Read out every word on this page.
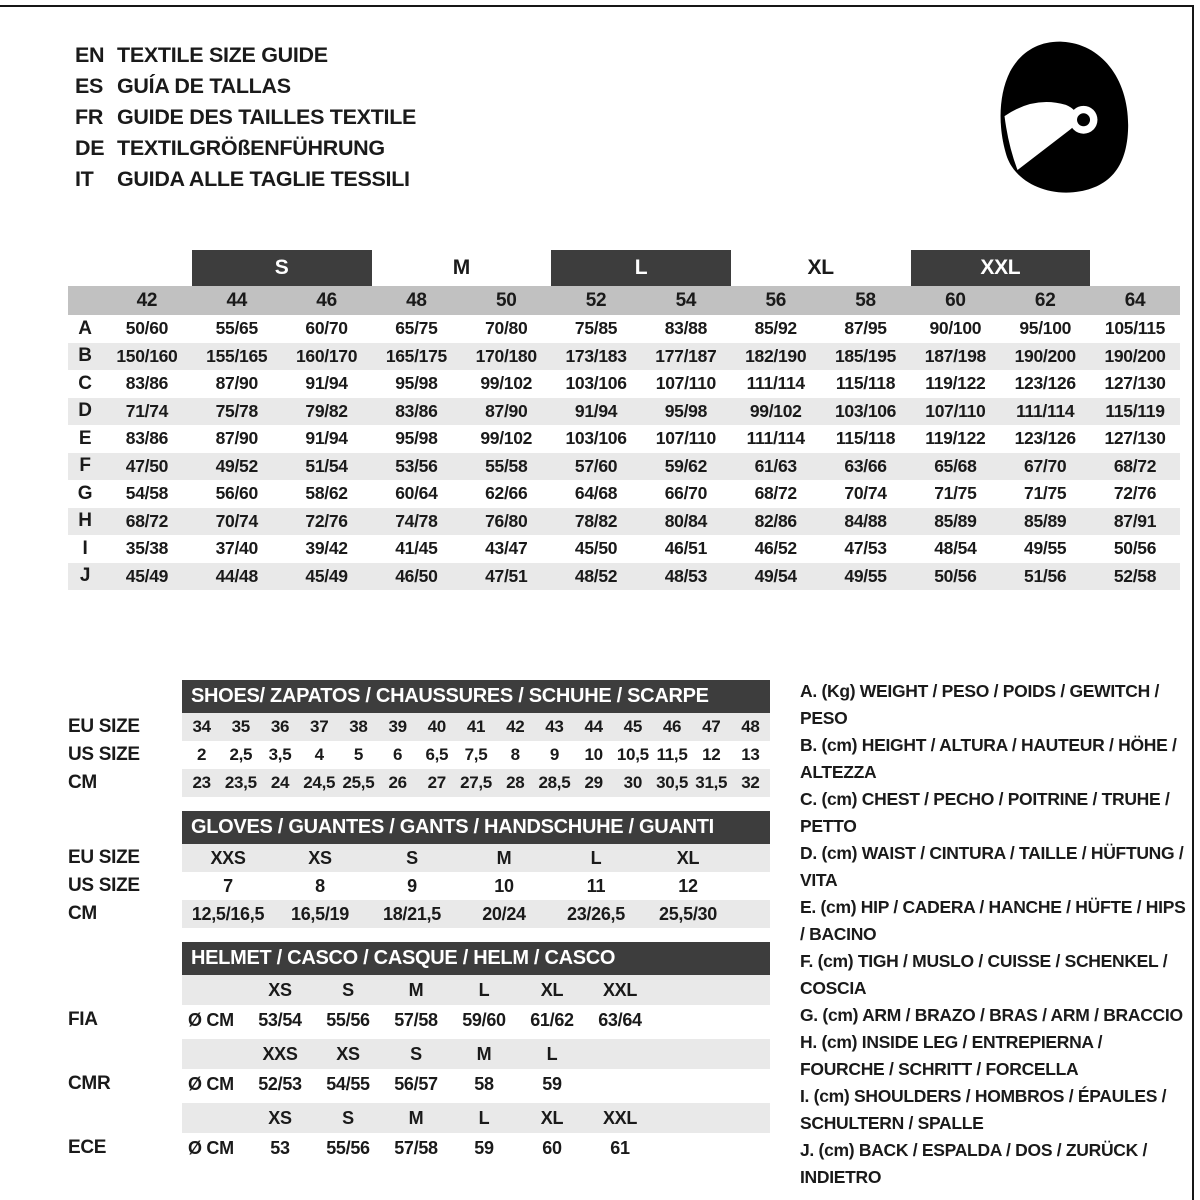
EN TEXTILE SIZE GUIDE
ES GUÍA DE TALLAS
FR GUIDE DES TAILLES TEXTILE
DE TEXTILGRÖßENFÜHRUNG
IT	GUIDA ALLE TAGLIE TESSILI
S	M	L	XL	XXL
42	44	46	48	50	52	54	56	58	60	62	64
A	50/60	55/65	60/70	65/75	70/80	75/85	83/88	85/92	87/95	90/100	95/100	105/115
B	150/160	155/165	160/170	165/175	170/180	173/183	177/187	182/190	185/195	187/198	190/200	190/200
C	83/86	87/90	91/94	95/98	99/102	103/106	107/110	111/114	115/118	119/122	123/126	127/130
D	71/74	75/78	79/82	83/86	87/90	91/94	95/98	99/102	103/106	107/110	111/114	115/119
E	83/86	87/90	91/94	95/98	99/102	103/106	107/110	111/114	115/118	119/122	123/126	127/130
F	47/50	49/52	51/54	53/56	55/58	57/60	59/62	61/63	63/66	65/68	67/70	68/72
G	54/58	56/60	58/62	60/64	62/66	64/68	66/70	68/72	70/74	71/75	71/75	72/76
H	68/72	70/74	72/76	74/78	76/80	78/82	80/84	82/86	84/88	85/89	85/89	87/91
I	35/38	37/40	39/42	41/45	43/47	45/50	46/51	46/52	47/53	48/54	49/55	50/56
J	45/49	44/48	45/49	46/50	47/51	48/52	48/53	49/54	49/55	50/56	51/56	52/58
SHOES/ ZAPATOS / CHAUSSURES / SCHUHE / SCARPE
EU SIZE	34	35	36	37	38	39	40	41	42	43	44	45	46	47	48
US SIZE	2	2,5 3,5	4	5	6	6,5 7,5	8	9	10 10,5 11,5 12	13
CM	23 23,5 24 24,5 25,5 26	27 27,5 28 28,5 29	30 30,5 31,5 32
GLOVES / GUANTES / GANTS / HANDSCHUHE / GUANTI
EU SIZE	XXS	XS	S	M	L	XL
US SIZE	7	8	9	10	11	12
CM	12,5/16,5	16,5/19	18/21,5	20/24	23/26,5	25,5/30
HELMET / CASCO / CASQUE / HELM / CASCO
XS	S	M	L	XL	XXL
FIA	Ø CM	53/54	55/56	57/58	59/60	61/62	63/64
XXS	XS	S	M	L
CMR	Ø CM	52/53	54/55	56/57	58	59
XS	S	M	L	XL	XXL
ECE	Ø CM	53	55/56	57/58	59	60	61
A. (Kg) WEIGHT / PESO / POIDS / GEWITCH / PESO
B. (cm) HEIGHT / ALTURA / HAUTEUR / HÖHE / ALTEZZA
C. (cm) CHEST / PECHO / POITRINE / TRUHE / PETTO
D. (cm) WAIST / CINTURA / TAILLE / HÜFTUNG / VITA
E. (cm) HIP / CADERA / HANCHE / HÜFTE / HIPS / BACINO
F. (cm) TIGH / MUSLO / CUISSE / SCHENKEL / COSCIA
G. (cm) ARM / BRAZO / BRAS / ARM / BRACCIO
H. (cm) INSIDE LEG / ENTREPIERNA / FOURCHE / SCHRITT / FORCELLA
I. (cm) SHOULDERS / HOMBROS / ÉPAULES / SCHULTERN / SPALLE
J. (cm) BACK / ESPALDA / DOS / ZURÜCK / INDIETRO
